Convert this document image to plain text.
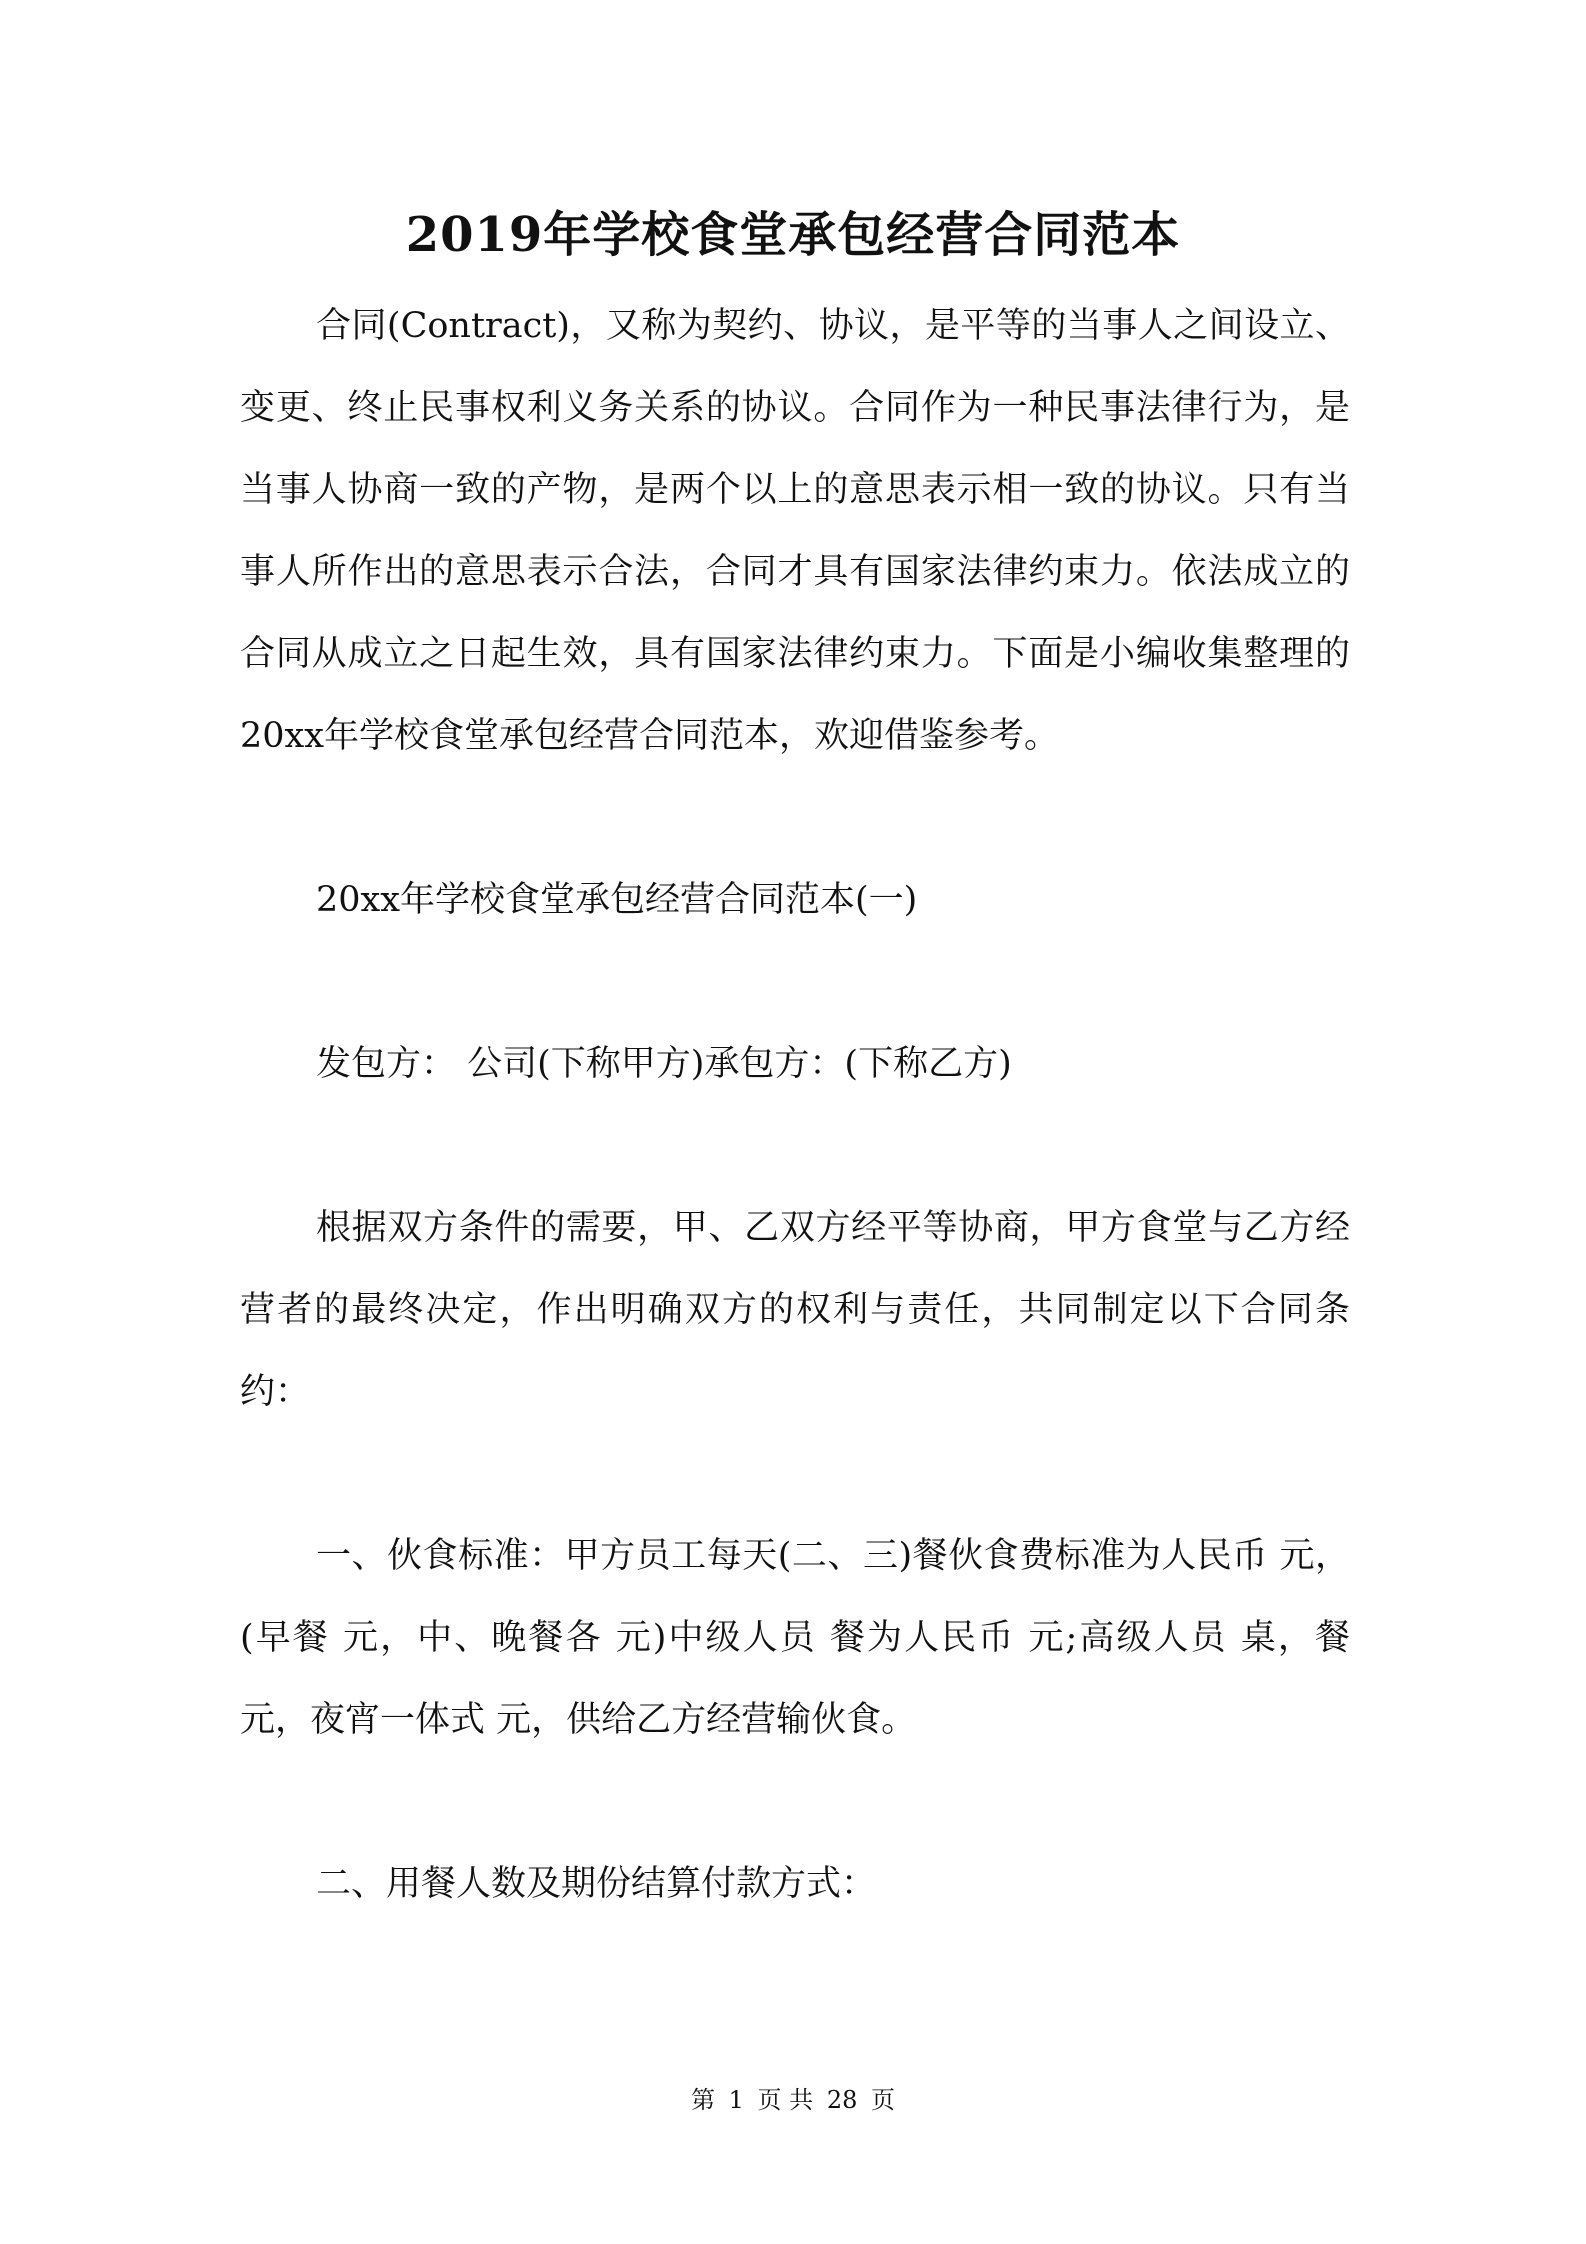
2019年学校食堂承包经营合同范本

合同(Contract)，又称为契约、协议，是平等的当事人之间设立、变更、终止民事权利义务关系的协议。合同作为一种民事法律行为，是当事人协商一致的产物，是两个以上的意思表示相一致的协议。只有当事人所作出的意思表示合法，合同才具有国家法律约束力。依法成立的合同从成立之日起生效，具有国家法律约束力。下面是小编收集整理的20xx年学校食堂承包经营合同范本，欢迎借鉴参考。

20xx年学校食堂承包经营合同范本(一)

发包方： 公司(下称甲方)承包方：(下称乙方)

根据双方条件的需要，甲、乙双方经平等协商，甲方食堂与乙方经营者的最终决定，作出明确双方的权利与责任，共同制定以下合同条约：

一、伙食标准：甲方员工每天(二、三)餐伙食费标准为人民币 元，(早餐 元，中、晚餐各 元)中级人员 餐为人民币 元;高级人员 桌，餐 元，夜宵一体式 元，供给乙方经营输伙食。

二、用餐人数及期份结算付款方式：

第 1 页 共 28 页
